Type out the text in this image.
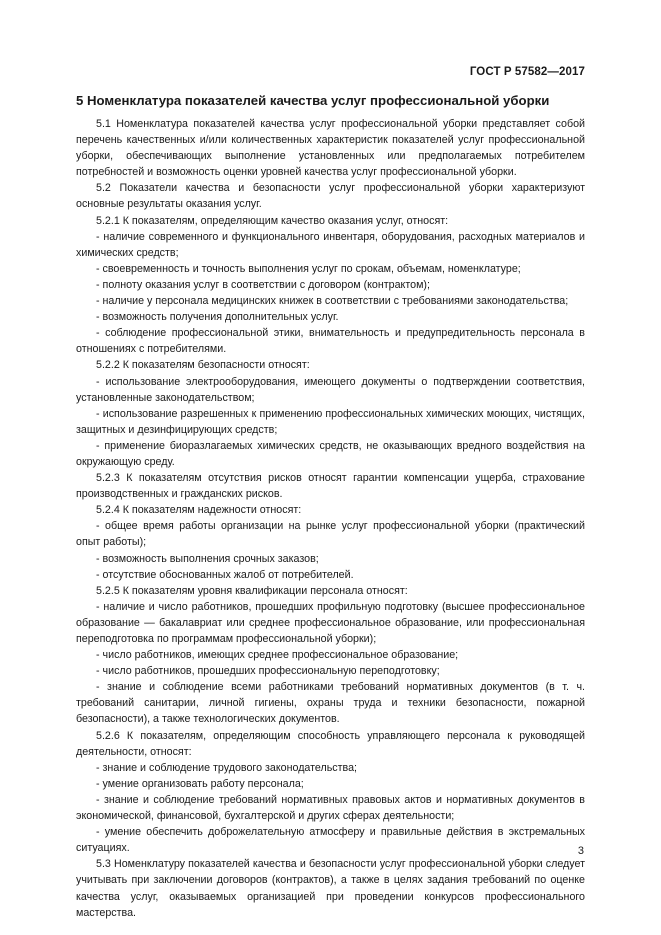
ГОСТ Р 57582—2017
5 Номенклатура показателей качества услуг профессиональной уборки

5.1 Номенклатура показателей качества услуг профессиональной уборки представляет собой перечень качественных и/или количественных характеристик показателей услуг профессиональной уборки, обеспечивающих выполнение установленных или предполагаемых потребителем потребностей и возможность оценки уровней качества услуг профессиональной уборки.

5.2 Показатели качества и безопасности услуг профессиональной уборки характеризуют основные результаты оказания услуг.

5.2.1 К показателям, определяющим качество оказания услуг, относят:

- наличие современного и функционального инвентаря, оборудования, расходных материалов и химических средств;

- своевременность и точность выполнения услуг по срокам, объемам, номенклатуре;

- полноту оказания услуг в соответствии с договором (контрактом);

- наличие у персонала медицинских книжек в соответствии с требованиями законодательства;

- возможность получения дополнительных услуг.

- соблюдение профессиональной этики, внимательность и предупредительность персонала в отношениях с потребителями.

5.2.2 К показателям безопасности относят:

- использование электрооборудования, имеющего документы о подтверждении соответствия, установленные законодательством;

- использование разрешенных к применению профессиональных химических моющих, чистящих, защитных и дезинфицирующих средств;

- применение биоразлагаемых химических средств, не оказывающих вредного воздействия на окружающую среду.

5.2.3 К показателям отсутствия рисков относят гарантии компенсации ущерба, страхование производственных и гражданских рисков.

5.2.4 К показателям надежности относят:

- общее время работы организации на рынке услуг профессиональной уборки (практический опыт работы);

- возможность выполнения срочных заказов;

- отсутствие обоснованных жалоб от потребителей.

5.2.5 К показателям уровня квалификации персонала относят:

- наличие и число работников, прошедших профильную подготовку (высшее профессиональное образование — бакалавриат или среднее профессиональное образование, или профессиональная переподготовка по программам профессиональной уборки);

- число работников, имеющих среднее профессиональное образование;

- число работников, прошедших профессиональную переподготовку;

- знание и соблюдение всеми работниками требований нормативных документов (в т. ч. требований санитарии, личной гигиены, охраны труда и техники безопасности, пожарной безопасности), а также технологических документов.

5.2.6 К показателям, определяющим способность управляющего персонала к руководящей деятельности, относят:

- знание и соблюдение трудового законодательства;

- умение организовать работу персонала;

- знание и соблюдение требований нормативных правовых актов и нормативных документов в экономической, финансовой, бухгалтерской и других сферах деятельности;

- умение обеспечить доброжелательную атмосферу и правильные действия в экстремальных ситуациях.

5.3 Номенклатуру показателей качества и безопасности услуг профессиональной уборки следует учитывать при заключении договоров (контрактов), а также в целях задания требований по оценке качества услуг, оказываемых организацией при проведении конкурсов профессионального мастерства.

3
